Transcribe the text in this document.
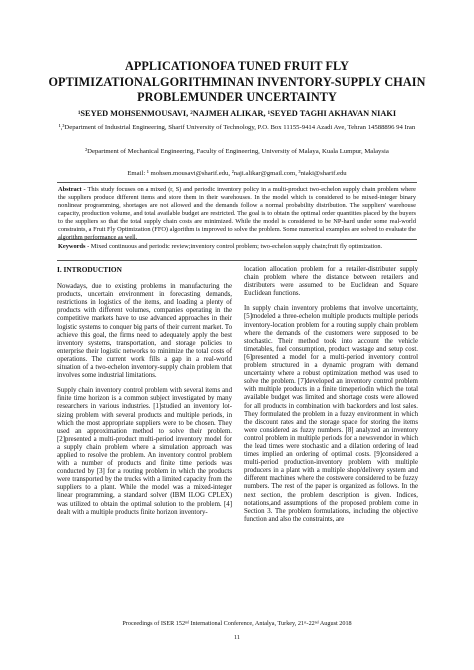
APPLICATIONOFA TUNED FRUIT FLY OPTIMIZATIONALGORITHMINAN INVENTORY-SUPPLY CHAIN PROBLEMUNDER UNCERTAINTY
¹SEYED MOHSENMOUSAVI, ²NAJMEH ALIKAR, ¹SEYED TAGHI AKHAVAN NIAKI
¹,³Department of Industrial Engineering, Sharif University of Technology, P.O. Box 11155-9414 Azadi Ave, Tehran 14588896 94 Iran
²Department of Mechanical Engineering, Faculty of Engineering, University of Malaya, Kuala Lumpur, Malaysia
Email: ¹ mohsen.mousavi@sharif.edu, ²naji.alikar@gmail.com, ³niaki@sharif.edu
Abstract - This study focuses on a mixed (r, S) and periodic inventory policy in a multi-product two-echelon supply chain problem where the suppliers produce different items and store them in their warehouses. In the model which is considered to be mixed-integer binary nonlinear programming, shortages are not allowed and the demands follow a normal probability distribution. The suppliers' warehouse capacity, production volume, and total available budget are restricted. The goal is to obtain the optimal order quantities placed by the buyers to the suppliers so that the total supply chain costs are minimized. While the model is considered to be NP-hard under some real-world constraints, a Fruit Fly Optimization (FFO) algorithm is improved to solve the problem. Some numerical examples are solved to evaluate the algorithm performance as well.
Keywords - Mixed continuous and periodic review;inventory control problem; two-echelon supply chain;fruit fly optimization.
I. INTRODUCTION

Nowadays, due to existing problems in manufacturing the products, uncertain environment in forecasting demands, restrictions in logistics of the items, and loading a plenty of products with different volumes, companies operating in the competitive markets have to use advanced approaches in their logistic systems to conquer big parts of their current market. To achieve this goal, the firms need to adequately apply the best inventory systems, transportation, and storage policies to enterprise their logistic networks to minimize the total costs of operations. The current work fills a gap in a real-world situation of a two-echelon inventory-supply chain problem that involves some industrial limitations.

Supply chain inventory control problem with several items and finite time horizon is a common subject investigated by many researchers in various industries. [1]studied an inventory lot-sizing problem with several products and multiple periods, in which the most appropriate suppliers were to be chosen. They used an approximation method to solve their problem. [2]presented a multi-product multi-period inventory model for a supply chain problem where a simulation approach was applied to resolve the problem. An inventory control problem with a number of products and finite time periods was conducted by [3] for a routing problem in which the products were transported by the trucks with a limited capacity from the suppliers to a plant. While the model was a mixed-integer linear programming, a standard solver (IBM ILOG CPLEX) was utilized to obtain the optimal solution to the problem. [4] dealt with a multiple products finite horizon inventory-

location allocation problem for a retailer-distributer supply chain problem where the distance between retailers and distributers were assumed to be Euclidean and Square Euclidean functions.

In supply chain inventory problems that involve uncertainty, [5]modeled a three-echelon multiple products multiple periods inventory-location problem for a routing supply chain problem where the demands of the customers were supposed to be stochastic. Their method took into account the vehicle timetables, fuel consumption, product wastage and setup cost. [6]presented a model for a multi-period inventory control problem structured in a dynamic program with demand uncertainty where a robust optimization method was used to solve the problem. [7]developed an inventory control problem with multiple products in a finite timeperiodin which the total available budget was limited and shortage costs were allowed for all products in combination with backorders and lost sales. They formulated the problem in a fuzzy environment in which the discount rates and the storage space for storing the items were considered as fuzzy numbers. [8] analyzed an inventory control problem in multiple periods for a newsvendor in which the lead times were stochastic and a dilation ordering of lead times implied an ordering of optimal costs. [9]considered a multi-period production-inventory problem with multiple producers in a plant with a multiple shop/delivery system and different machines where the costswere considered to be fuzzy numbers. The rest of the paper is organized as follows. In the next section, the problem description is given. Indices, notations,and assumptions of the proposed problem come in Section 3. The problem formulations, including the objective function and also the constraints, are

Proceedings of ISER 152ⁿᵈ International Conference, Antalya, Turkey, 21ˢᵗ-22ⁿᵈ August 2018
11
